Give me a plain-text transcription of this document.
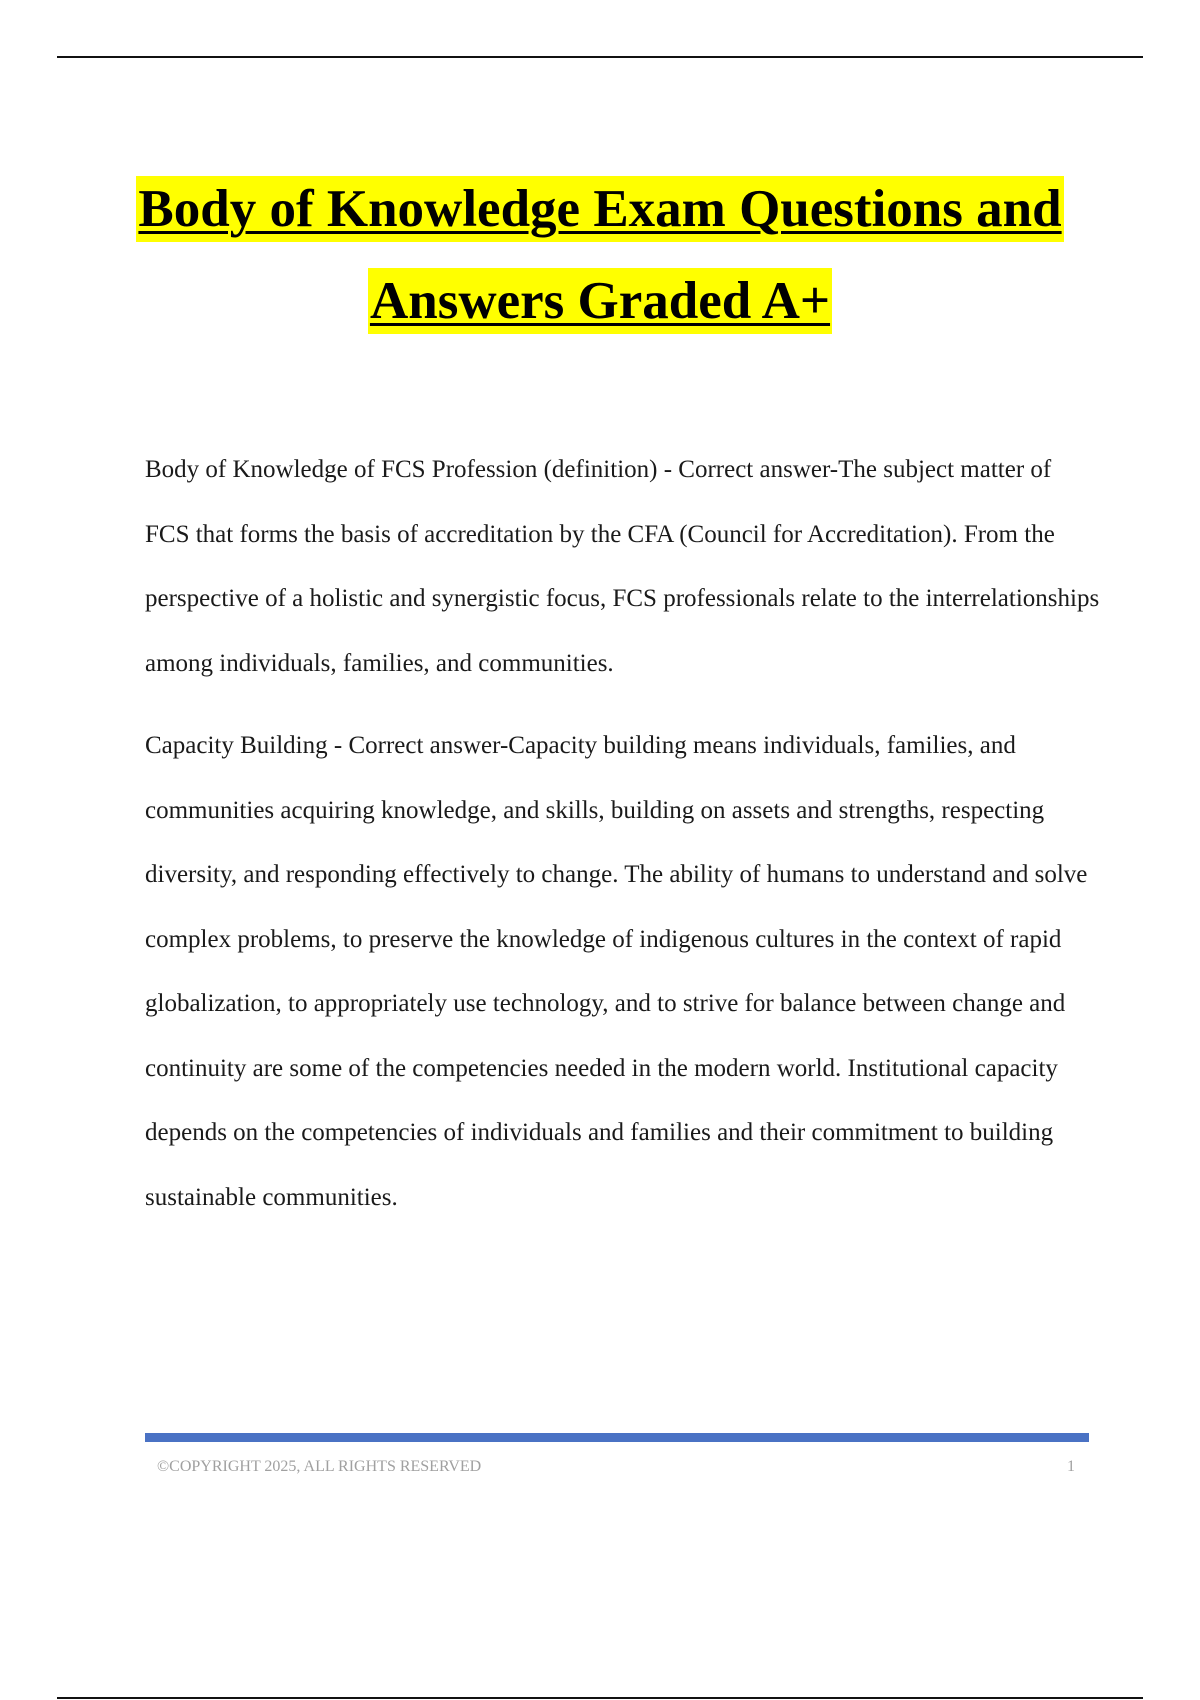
Body of Knowledge Exam Questions and
Answers Graded A+

Body of Knowledge of FCS Profession (definition) - Correct answer-The subject matter of FCS that forms the basis of accreditation by the CFA (Council for Accreditation). From the perspective of a holistic and synergistic focus, FCS professionals relate to the interrelationships among individuals, families, and communities.

Capacity Building - Correct answer-Capacity building means individuals, families, and communities acquiring knowledge, and skills, building on assets and strengths, respecting diversity, and responding effectively to change. The ability of humans to understand and solve complex problems, to preserve the knowledge of indigenous cultures in the context of rapid globalization, to appropriately use technology, and to strive for balance between change and continuity are some of the competencies needed in the modern world. Institutional capacity depends on the competencies of individuals and families and their commitment to building sustainable communities.

©COPYRIGHT 2025, ALL RIGHTS RESERVED	1
